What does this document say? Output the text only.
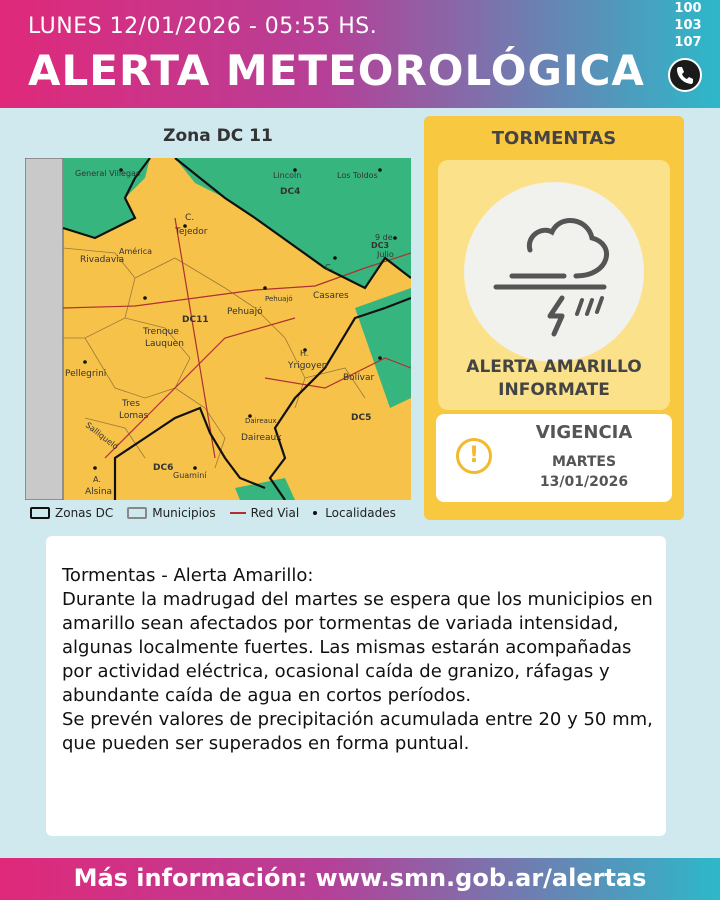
LUNES 12/01/2026 - 05:55 HS.
ALERTA METEOROLÓGICA
100
103
107
Zona DC 11
General Villegas	Lincoln	Los Toldos
DC4
América
Rivadavia
C.
Tejedor
9 de
DC3
Julio
C.
Casares
Pehuajó
Pehuajó
DC11
Trenque
Lauquen
Pellegrini
H.
Yrigoyen
Bolívar
Tres
Lomas
Salliqueló	Daireaux
Daireaux
DC5
DC6
Guaminí
A.
Alsina
Zonas DC	Municipios	Red Vial Localidades
TORMENTAS
ALERTA AMARILLO
INFORMATE
!
VIGENCIA
MARTES
13/01/2026
Tormentas - Alerta Amarillo:
Durante la madrugad del martes se espera que los municipios en amarillo sean afectados por tormentas de variada intensidad, algunas localmente fuertes. Las mismas estarán acompañadas por actividad eléctrica, ocasional caída de granizo, ráfagas y abundante caída de agua en cortos períodos.
Se prevén valores de precipitación acumulada entre 20 y 50 mm, que pueden ser superados en forma puntual.
Más información: www.smn.gob.ar/alertas
